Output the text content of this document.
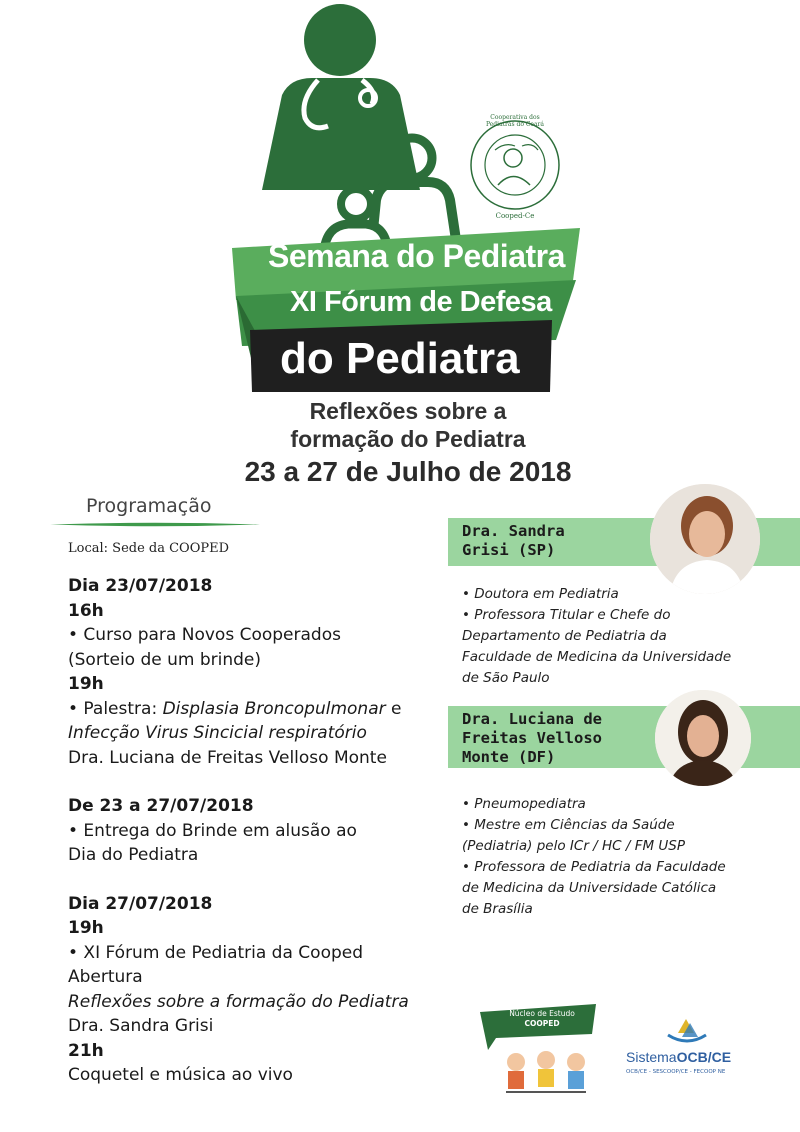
Cooperativa dos Pediatras do Ceará
Cooped-Ce
Semana do Pediatra
XI Fórum de Defesa
do Pediatra
Reflexões sobre a
formação do Pediatra
23 a 27 de Julho de 2018
Programação
Local: Sede da COOPED
Dia 23/07/2018
16h
• Curso para Novos Cooperados
(Sorteio de um brinde)
19h
• Palestra: Displasia Broncopulmonar e
Infecção Virus Sincicial respiratório
Dra. Luciana de Freitas Velloso Monte
De 23 a 27/07/2018
• Entrega do Brinde em alusão ao
Dia do Pediatra
Dia 27/07/2018
19h
• XI Fórum de Pediatria da Cooped
Abertura
Reflexões sobre a formação do Pediatra
Dra. Sandra Grisi
21h
Coquetel e música ao vivo
Dra. Sandra
Grisi (SP)
• Doutora em Pediatria
• Professora Titular e Chefe do
Departamento de Pediatria da
Faculdade de Medicina da Universidade
de São Paulo
Dra. Luciana de
Freitas Velloso
Monte (DF)
• Pneumopediatra
• Mestre em Ciências da Saúde
(Pediatria) pelo ICr / HC / FM USP
• Professora de Pediatria da Faculdade
de Medicina da Universidade Católica
de Brasília
Núcleo de Estudo
COOPED
SistemaOCB/CE
OCB/CE - SESCOOP/CE - FECOOP NE
